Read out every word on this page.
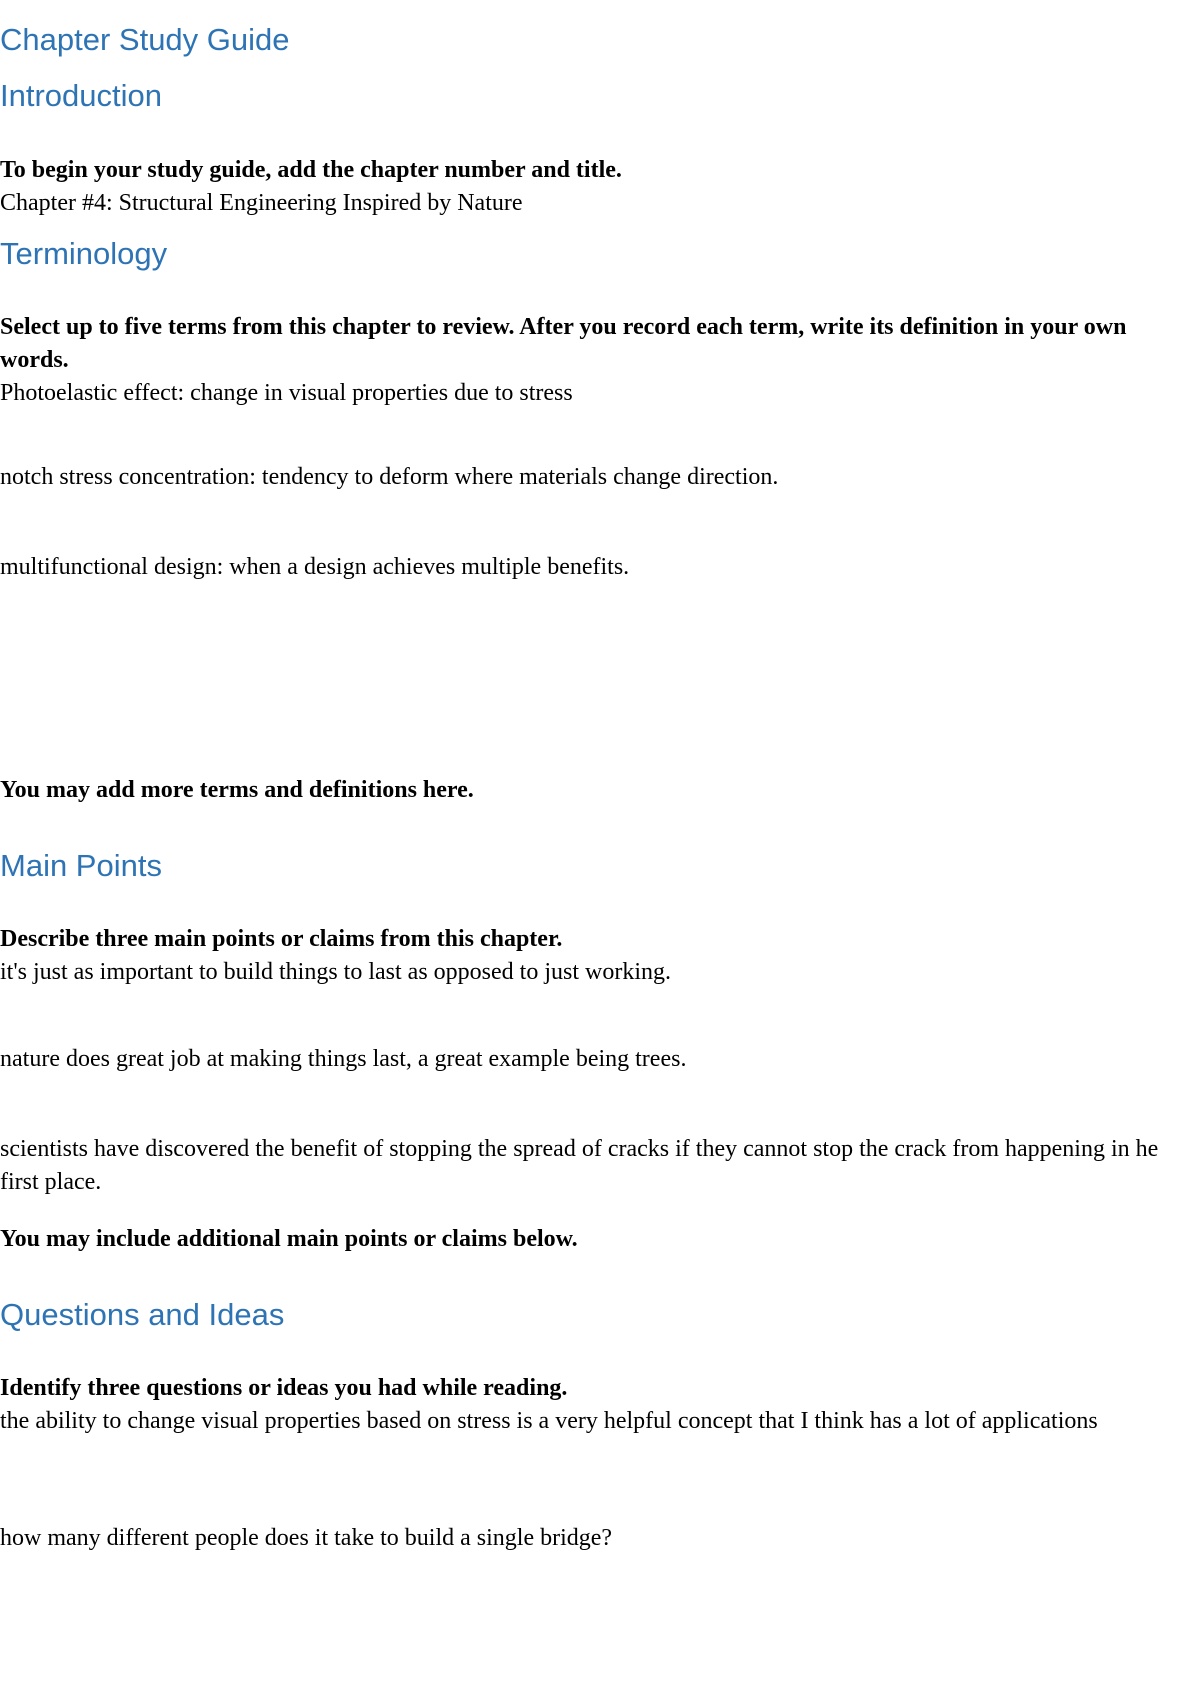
Chapter Study Guide
Introduction

To begin your study guide, add the chapter number and title.

Chapter #4: Structural Engineering Inspired by Nature

Terminology

Select up to five terms from this chapter to review. After you record each term, write its definition in your own words.

Photoelastic effect: change in visual properties due to stress

notch stress concentration: tendency to deform where materials change direction.

multifunctional design: when a design achieves multiple benefits.

You may add more terms and definitions here.

Main Points

Describe three main points or claims from this chapter.

it's just as important to build things to last as opposed to just working.

nature does great job at making things last, a great example being trees.

scientists have discovered the benefit of stopping the spread of cracks if they cannot stop the crack from happening in he first place.

You may include additional main points or claims below.

Questions and Ideas

Identify three questions or ideas you had while reading.

the ability to change visual properties based on stress is a very helpful concept that I think has a lot of applications

how many different people does it take to build a single bridge?
